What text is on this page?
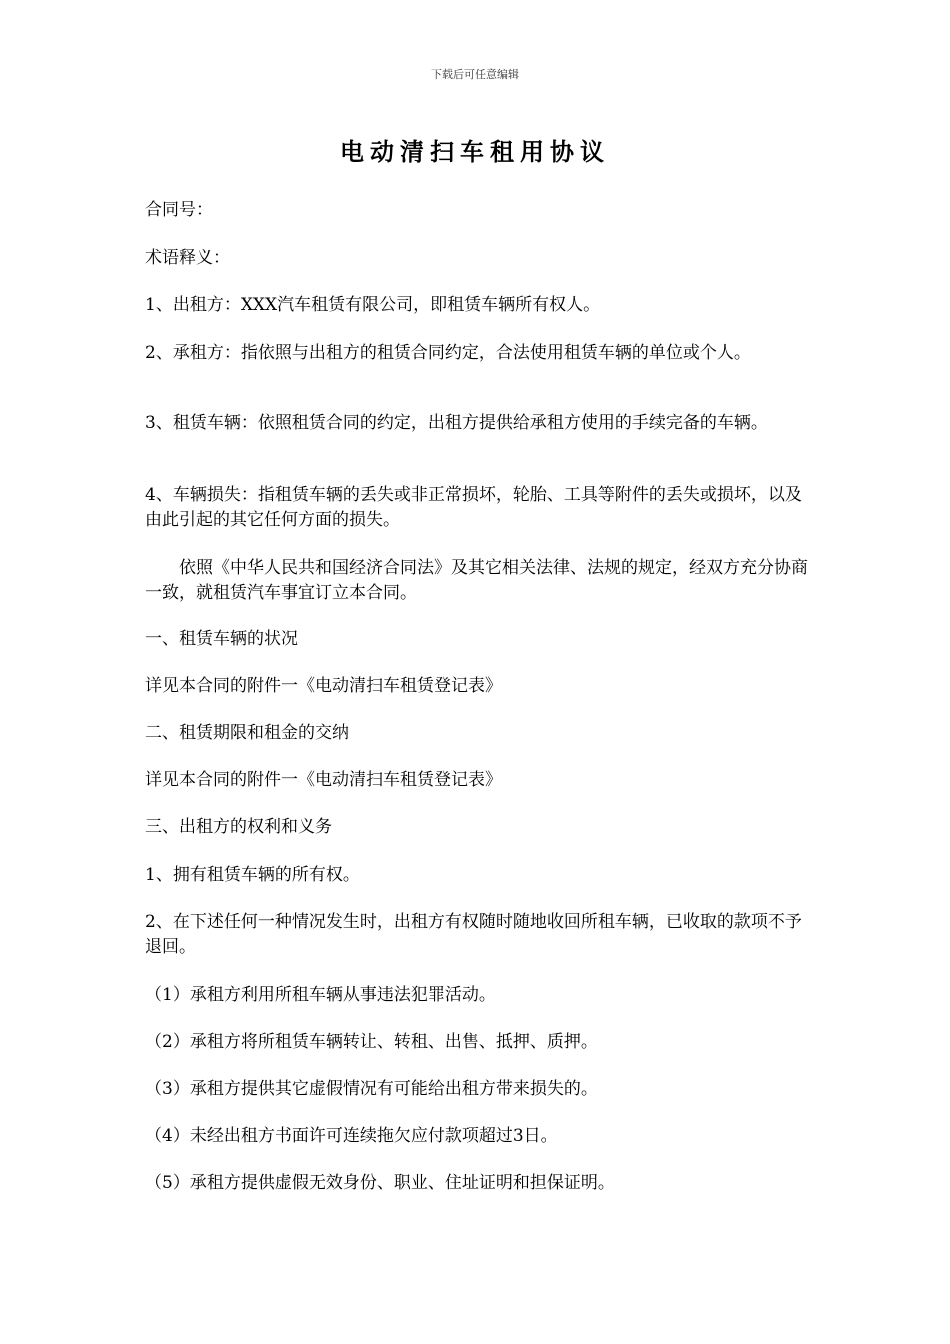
下载后可任意编辑
电动清扫车租用协议
合同号：
术语释义：
1、出租方：XXX汽车租赁有限公司，即租赁车辆所有权人。
2、承租方：指依照与出租方的租赁合同约定，合法使用租赁车辆的单位或个人。
3、租赁车辆：依照租赁合同的约定，出租方提供给承租方使用的手续完备的车辆。
4、车辆损失：指租赁车辆的丢失或非正常损坏，轮胎、工具等附件的丢失或损坏，以及由此引起的其它任何方面的损失。
依照《中华人民共和国经济合同法》及其它相关法律、法规的规定，经双方充分协商一致，就租赁汽车事宜订立本合同。
一、租赁车辆的状况
详见本合同的附件一《电动清扫车租赁登记表》
二、租赁期限和租金的交纳
详见本合同的附件一《电动清扫车租赁登记表》
三、出租方的权利和义务
1、拥有租赁车辆的所有权。
2、在下述任何一种情况发生时，出租方有权随时随地收回所租车辆，已收取的款项不予退回。
（1）承租方利用所租车辆从事违法犯罪活动。
（2）承租方将所租赁车辆转让、转租、出售、抵押、质押。
（3）承租方提供其它虚假情况有可能给出租方带来损失的。
（4）未经出租方书面许可连续拖欠应付款项超过3日。
（5）承租方提供虚假无效身份、职业、住址证明和担保证明。
